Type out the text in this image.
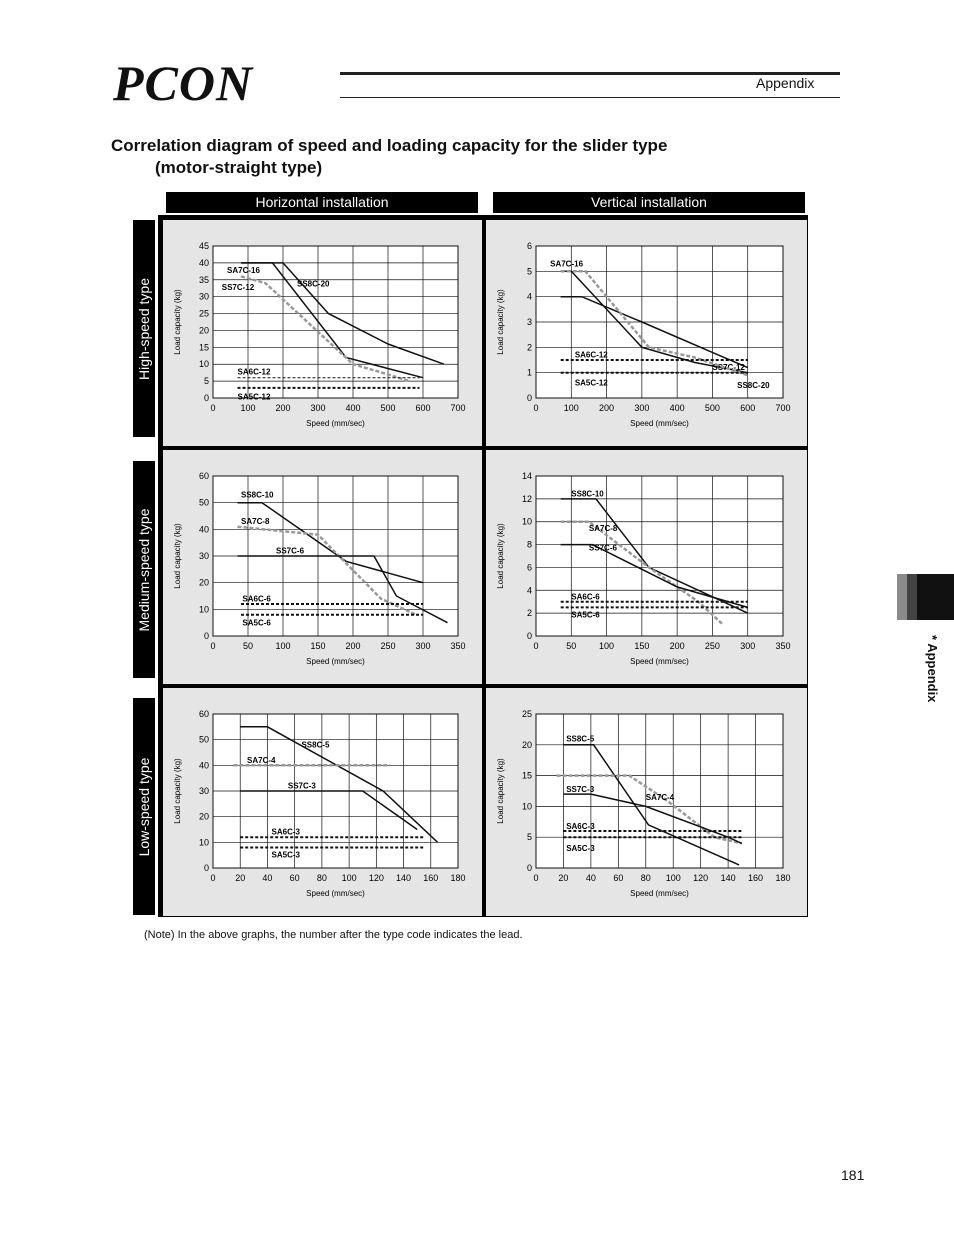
PCON	Appendix
Correlation diagram of speed and loading capacity for the slider type
(motor-straight type)
Horizontal installation	Vertical installation
High-speed type
Medium-speed type
Low-speed type
0	100 200 300 400 500 600 700
0
5
10
15
20
25
30
35
40
45
Speed (mm/sec)
Load capacity (kg)
SA7C-16
SS8C-20
SS7C-12
SA6C-12
SA5C-12
0	100 200 300 400 500 600 700
0
1
2
3
4
5
6
Speed (mm/sec)
Load capacity (kg)
SA7C-16
SS7C-12
SS8C-20
SA6C-12
SA5C-12
0	50 100 150 200 250 300 350
0
10
20
30
40
50
60
Speed (mm/sec)
Load capacity (kg)
SS8C-10
SA7C-8
SS7C-6
SA6C-6
SA5C-6
0	50	100 150 200 250 300 350
0
2
4
6
8
10
12
14
Speed (mm/sec)
Load capacity (kg)
SS8C-10
SA7C-8
SS7C-6
SA6C-6
SA5C-6
0 20 40 60 80 100 120 140 160 180
0
10
20
30
40
50
60
Speed (mm/sec)
Load capacity (kg)
SS8C-5
SA7C-4
SS7C-3
SA6C-3
SA5C-3
0 20 40 60 80 100 120 140 160 180
0
5
10
15
20
25
Speed (mm/sec)
Load capacity (kg)
SS8C-5
SA7C-4
SS7C-3
SA6C-3
SA5C-3
* Appendix
(Note) In the above graphs, the number after the type code indicates the lead.
181
